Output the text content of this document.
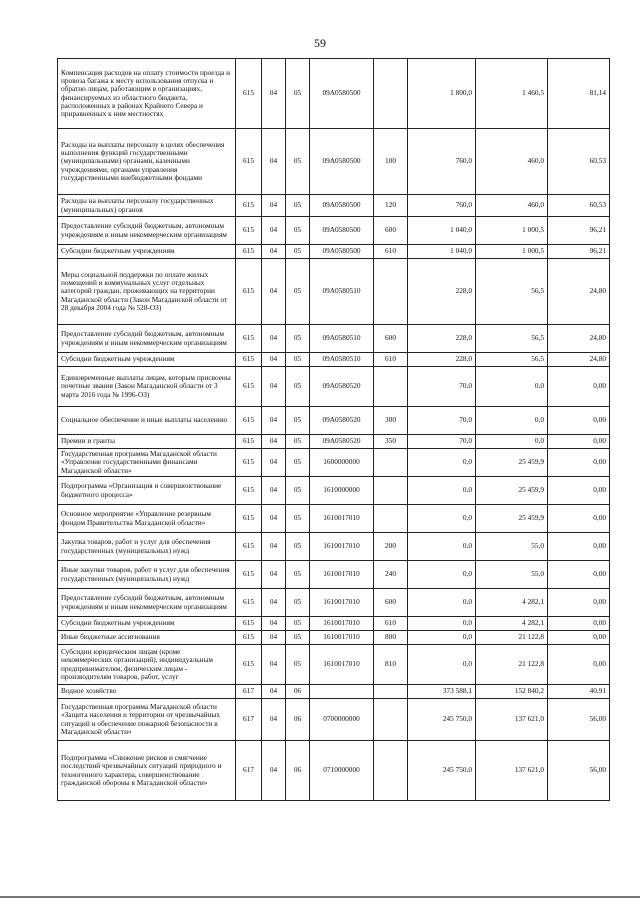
59
Компенсация расходов на оплату стоимости проезда и провоза багажа к месту использования отпуска и обратно лицам, работающим в организациях, финансируемых из областного бюджета, расположенных в районах Крайнего Севера и приравненных к ним местностях	615	04	05	09А0580500		1 800,0	1 460,5	81,14
Расходы на выплаты персоналу в целях обеспечения выполнения функций государственными (муниципальными) органами, казенными учреждениями, органами управления государственными внебюджетными фондами	615	04	05	09А0580500	100	760,0	460,0	60,53
Расходы на выплаты персоналу государственных (муниципальных) органов	615	04	05	09А0580500	120	760,0	460,0	60,53
Предоставление субсидий бюджетным, автономным учреждениям и иным некоммерческим организациям	615	04	05	09А0580500	600	1 040,0	1 000,5	96,21
Субсидии бюджетным учреждениям	615	04	05	09А0580500	610	1 040,0	1 000,5	96,21
Меры социальной поддержки по оплате жилых помещений и коммунальных услуг отдельных категорий граждан, проживающих на территории Магаданской области (Закон Магаданской области от 28 декабря 2004 года № 528-ОЗ)	615	04	05	09А0580510		228,0	56,5	24,80
Предоставление субсидий бюджетным, автономным учреждениям и иным некоммерческим организациям	615	04	05	09А0580510	600	228,0	56,5	24,80
Субсидии бюджетным учреждениям	615	04	05	09А0580510	610	228,0	56,5	24,80
Единовременные выплаты лицам, которым присвоены почетные звания (Закон Магаданской области от 3 марта 2016 года № 1996-ОЗ)	615	04	05	09А0580520		70,0	0,0	0,00
Социальное обеспечение и иные выплаты населению	615	04	05	09А0580520	300	70,0	0,0	0,00
Премии и гранты	615	04	05	09А0580520	350	70,0	0,0	0,00
Государственная программа Магаданской области «Управление государственными финансами Магаданской области»	615	04	05	1600000000		0,0	25 459,9	0,00
Подпрограмма «Организация и совершенствование бюджетного процесса»	615	04	05	1610000000		0,0	25 459,9	0,00
Основное мероприятие «Управление резервным фондом Правительства Магаданской области»	615	04	05	1610017010		0,0	25 459,9	0,00
Закупка товаров, работ и услуг для обеспечения государственных (муниципальных) нужд	615	04	05	1610017010	200	0,0	55,0	0,00
Иные закупки товаров, работ и услуг для обеспечения государственных (муниципальных) нужд	615	04	05	1610017010	240	0,0	55,0	0,00
Предоставление субсидий бюджетным, автономным учреждениям и иным некоммерческим организациям	615	04	05	1610017010	600	0,0	4 282,1	0,00
Субсидии бюджетным учреждениям	615	04	05	1610017010	610	0,0	4 282,1	0,00
Иные бюджетные ассигнования	615	04	05	1610017010	800	0,0	21 122,8	0,00
Субсидии юридическим лицам (кроме некоммерческих организаций), индивидуальным предпринимателям, физическим лицам - производителям товаров, работ, услуг	615	04	05	1610017010	810	0,0	21 122,8	0,00
Водное хозяйство	617	04	06			373 588,1	152 840,2	40,91
Государственная программа Магаданской области «Защита населения и территории от чрезвычайных ситуаций и обеспечение пожарной безопасности в Магаданской области»	617	04	06	0700000000		245 750,0	137 621,0	56,00
Подпрограмма «Снижение рисков и смягчение последствий чрезвычайных ситуаций природного и техногенного характера, совершенствование гражданской обороны в Магаданской области»	617	04	06	0710000000		245 750,0	137 621,0	56,00
